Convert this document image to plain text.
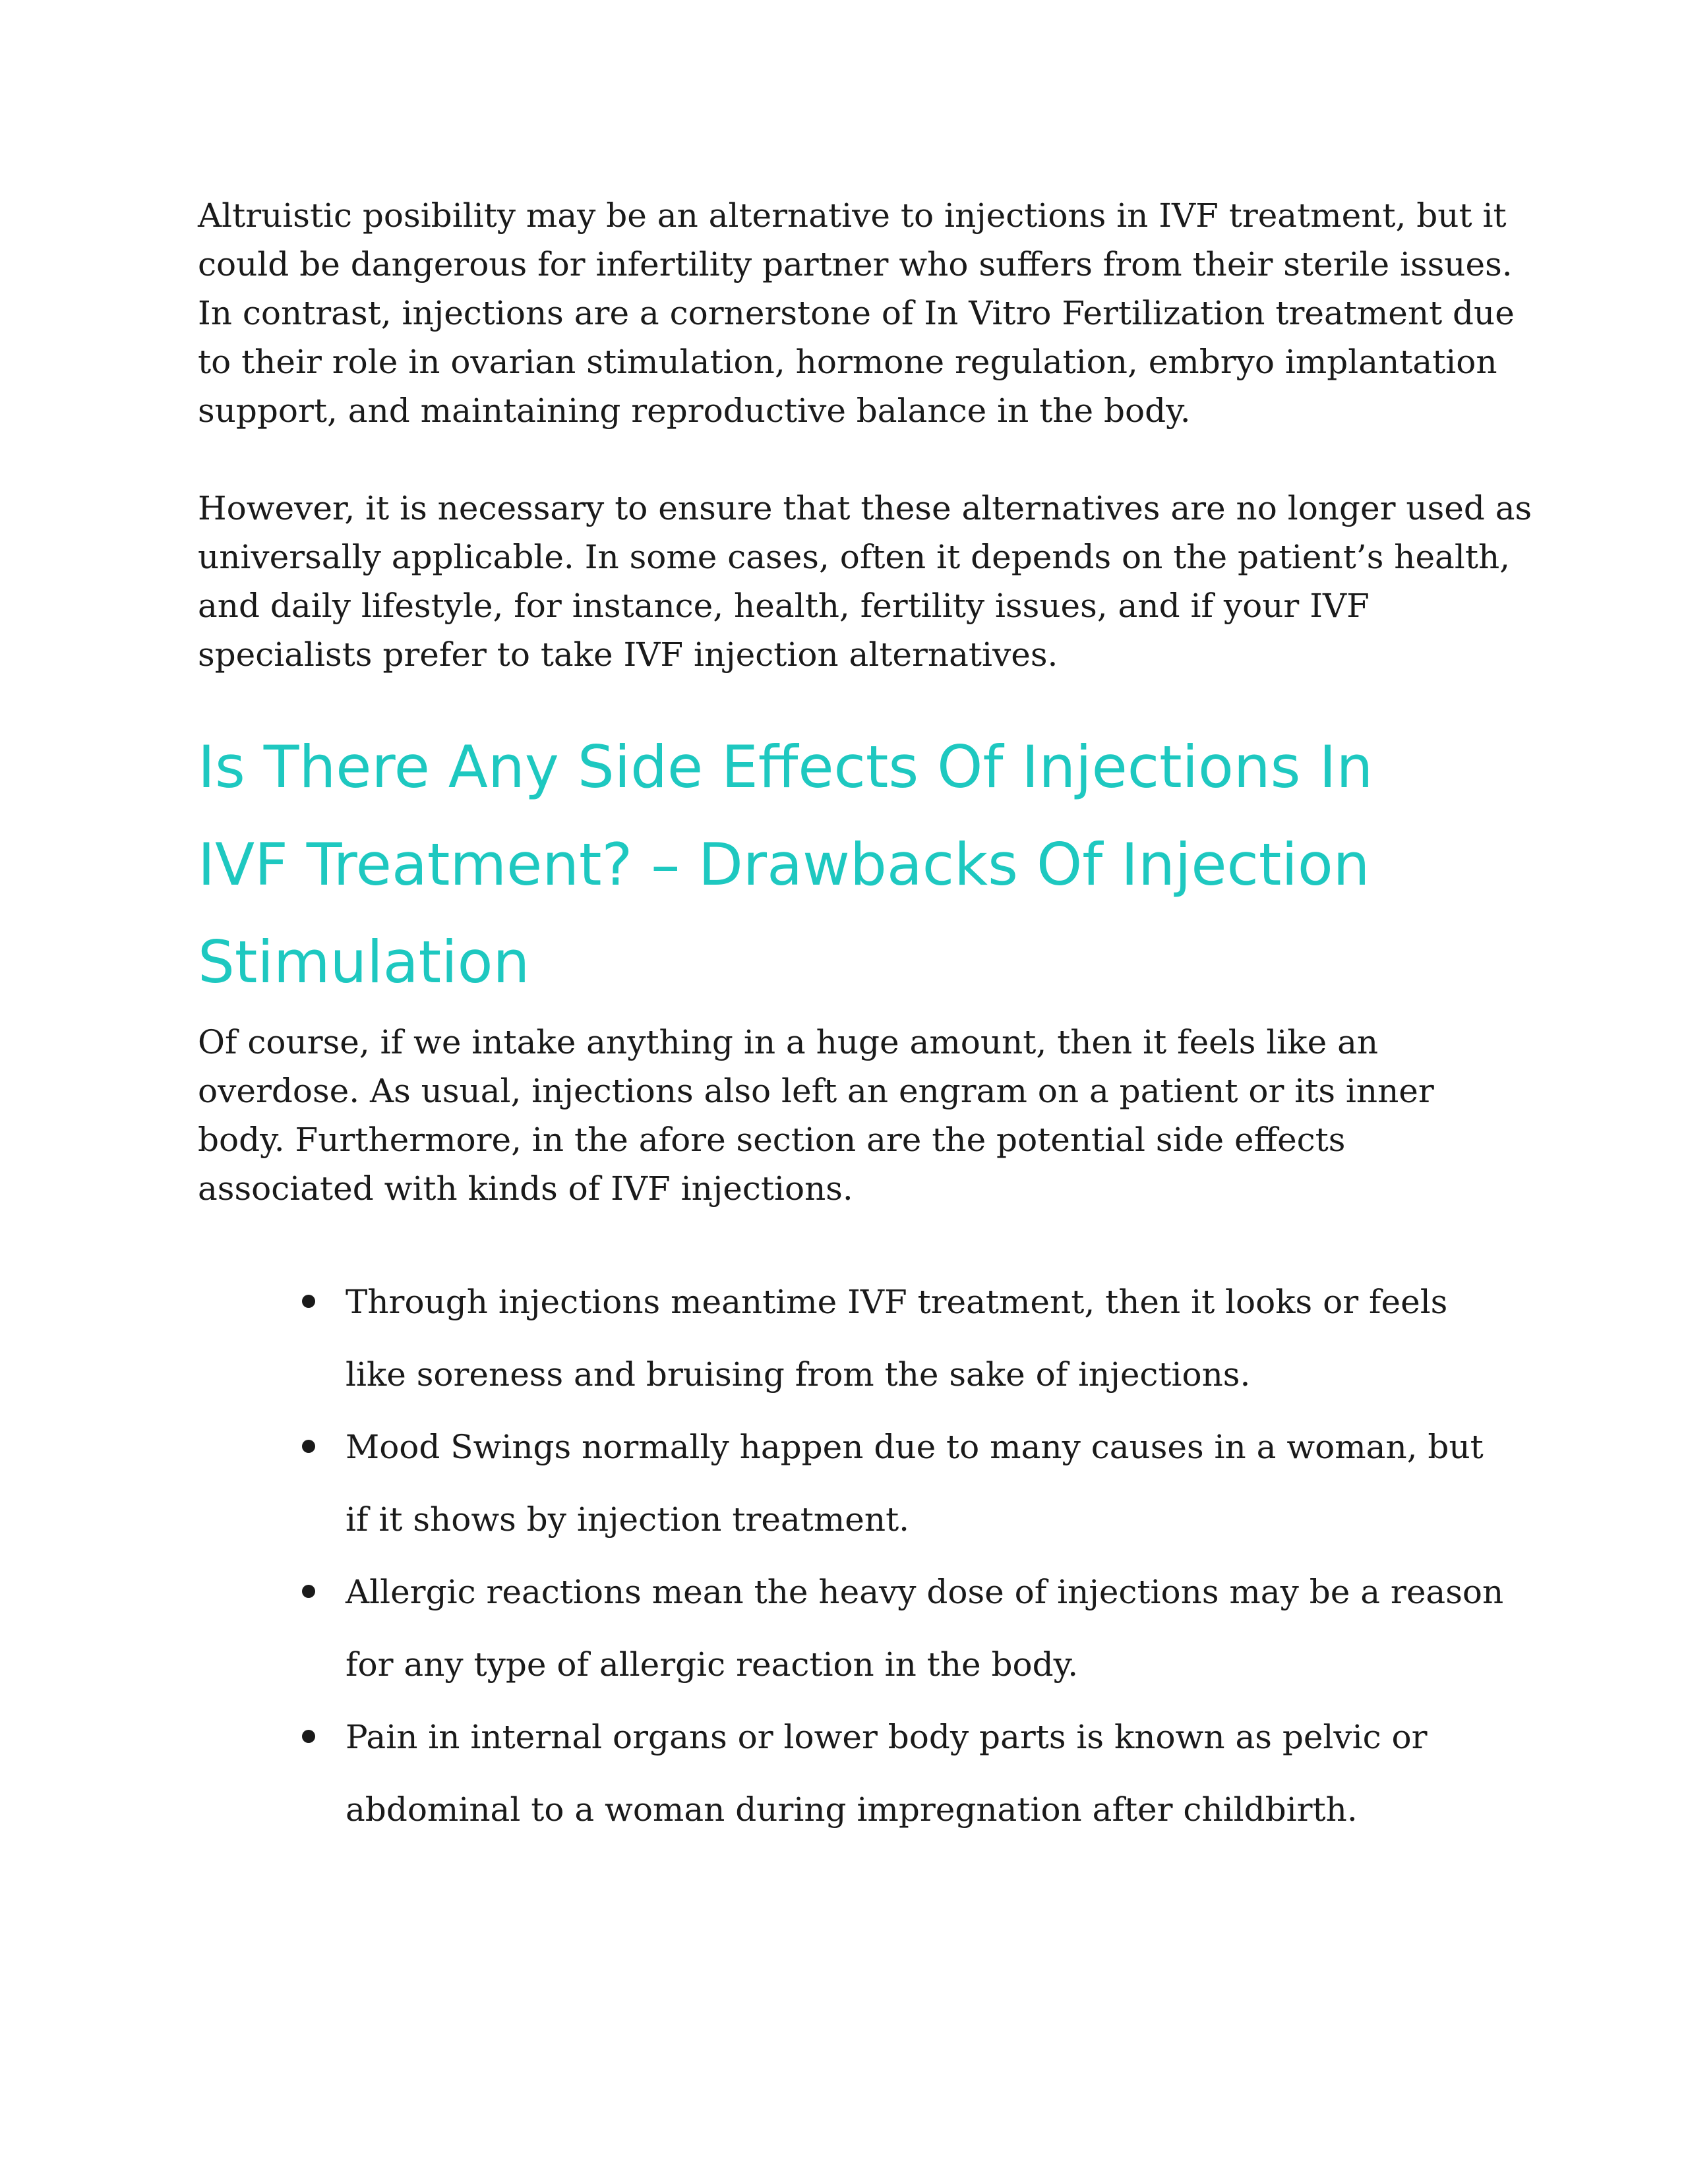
Altruistic posibility may be an alternative to injections in IVF treatment, but it
could be dangerous for infertility partner who suffers from their sterile issues.
In contrast, injections are a cornerstone of In Vitro Fertilization treatment due
to their role in ovarian stimulation, hormone regulation, embryo implantation
support, and maintaining reproductive balance in the body.

However, it is necessary to ensure that these alternatives are no longer used as
universally applicable. In some cases, often it depends on the patient’s health,
and daily lifestyle, for instance, health, fertility issues, and if your IVF
specialists prefer to take IVF injection alternatives.

Is There Any Side Effects Of Injections In
IVF Treatment? – Drawbacks Of Injection
Stimulation

Of course, if we intake anything in a huge amount, then it feels like an
overdose. As usual, injections also left an engram on a patient or its inner
body. Furthermore, in the afore section are the potential side effects
associated with kinds of IVF injections.

Through injections meantime IVF treatment, then it looks or feels
like soreness and bruising from the sake of injections.
Mood Swings normally happen due to many causes in a woman, but
if it shows by injection treatment.
Allergic reactions mean the heavy dose of injections may be a reason
for any type of allergic reaction in the body.
Pain in internal organs or lower body parts is known as pelvic or
abdominal to a woman during impregnation after childbirth.
